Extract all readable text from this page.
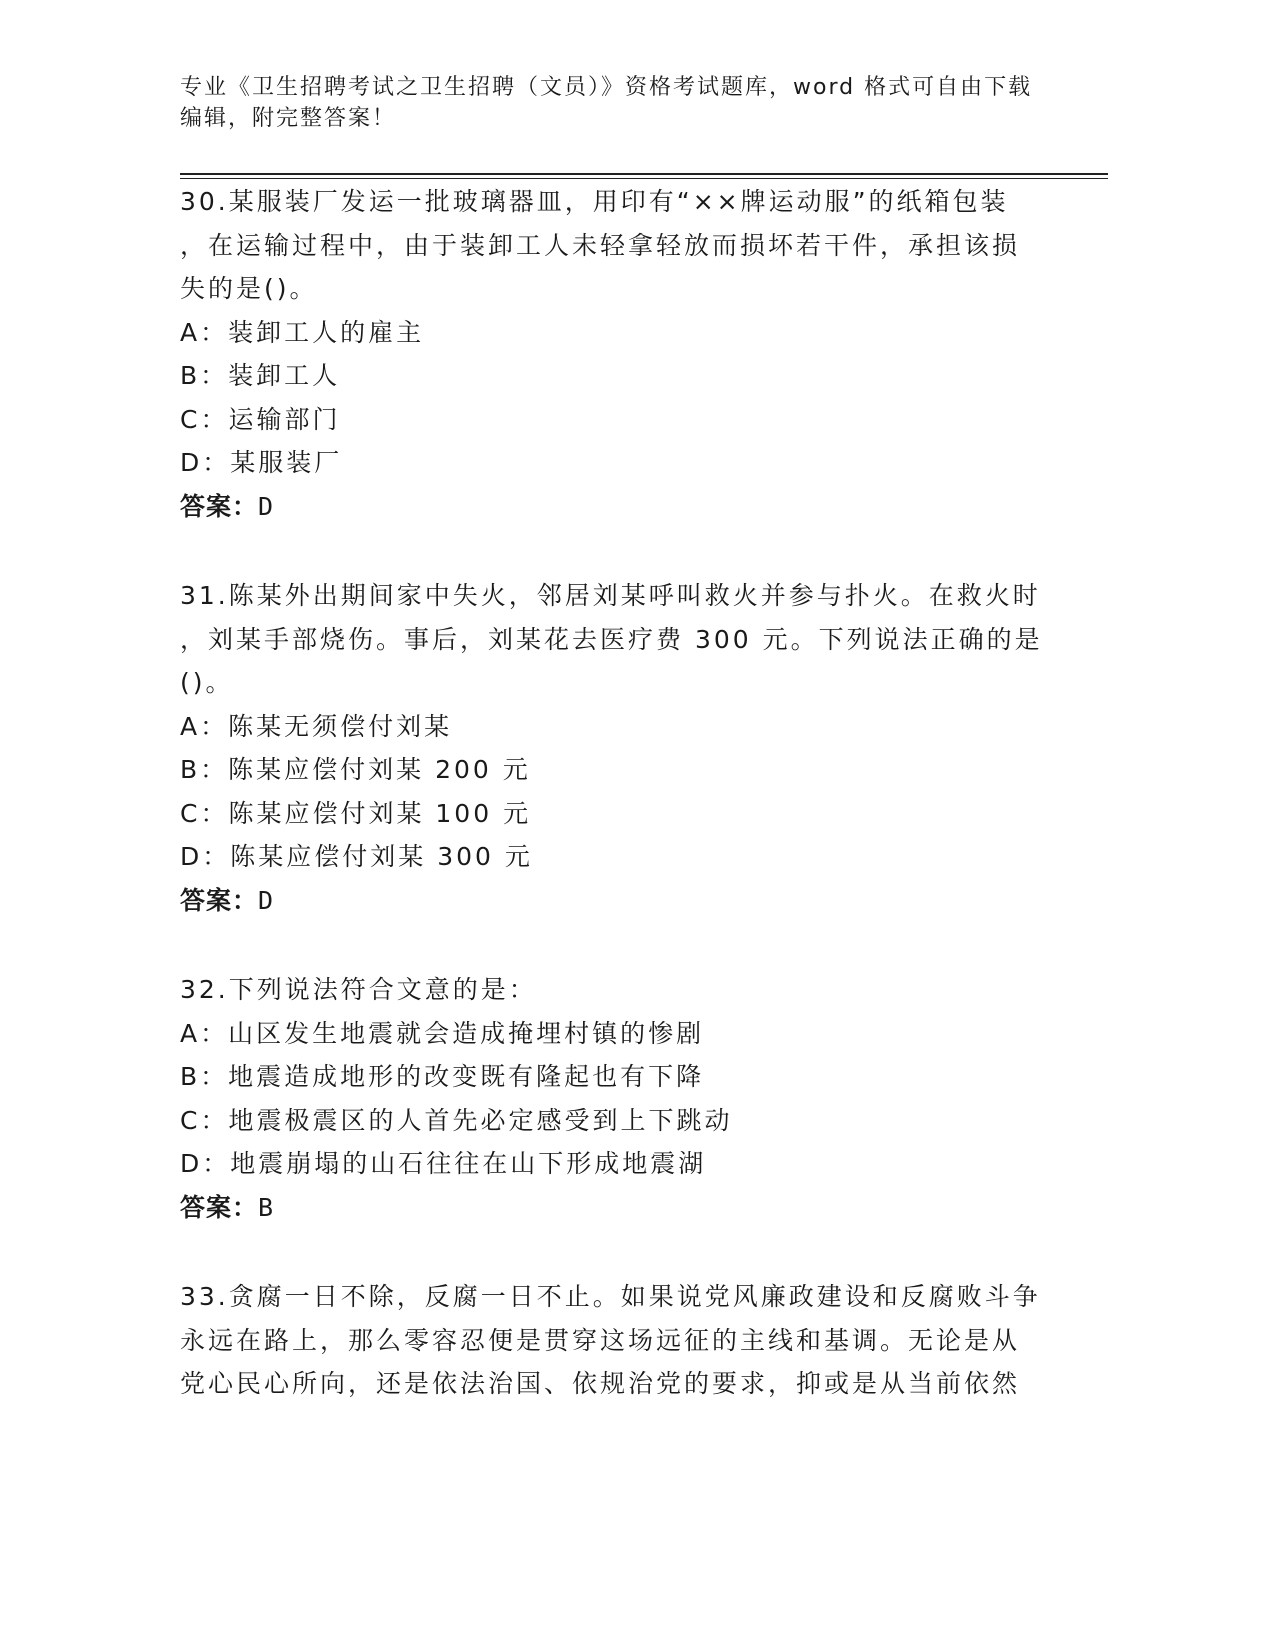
专业《卫生招聘考试之卫生招聘（文员）》资格考试题库，word 格式可自由下载

编辑，附完整答案！

30.某服装厂发运一批玻璃器皿，用印有“××牌运动服”的纸箱包装
，在运输过程中，由于装卸工人未轻拿轻放而损坏若干件，承担该损
失的是()。
A：装卸工人的雇主
B：装卸工人
C：运输部门
D：某服装厂
答案：D
31.陈某外出期间家中失火，邻居刘某呼叫救火并参与扑火。在救火时
，刘某手部烧伤。事后，刘某花去医疗费 300 元。下列说法正确的是
()。
A：陈某无须偿付刘某
B：陈某应偿付刘某 200 元
C：陈某应偿付刘某 100 元
D：陈某应偿付刘某 300 元
答案：D
32.下列说法符合文意的是：
A：山区发生地震就会造成掩埋村镇的惨剧
B：地震造成地形的改变既有隆起也有下降
C：地震极震区的人首先必定感受到上下跳动
D：地震崩塌的山石往往在山下形成地震湖
答案：B
33.贪腐一日不除，反腐一日不止。如果说党风廉政建设和反腐败斗争
永远在路上，那么零容忍便是贯穿这场远征的主线和基调。无论是从
党心民心所向，还是依法治国、依规治党的要求，抑或是从当前依然
